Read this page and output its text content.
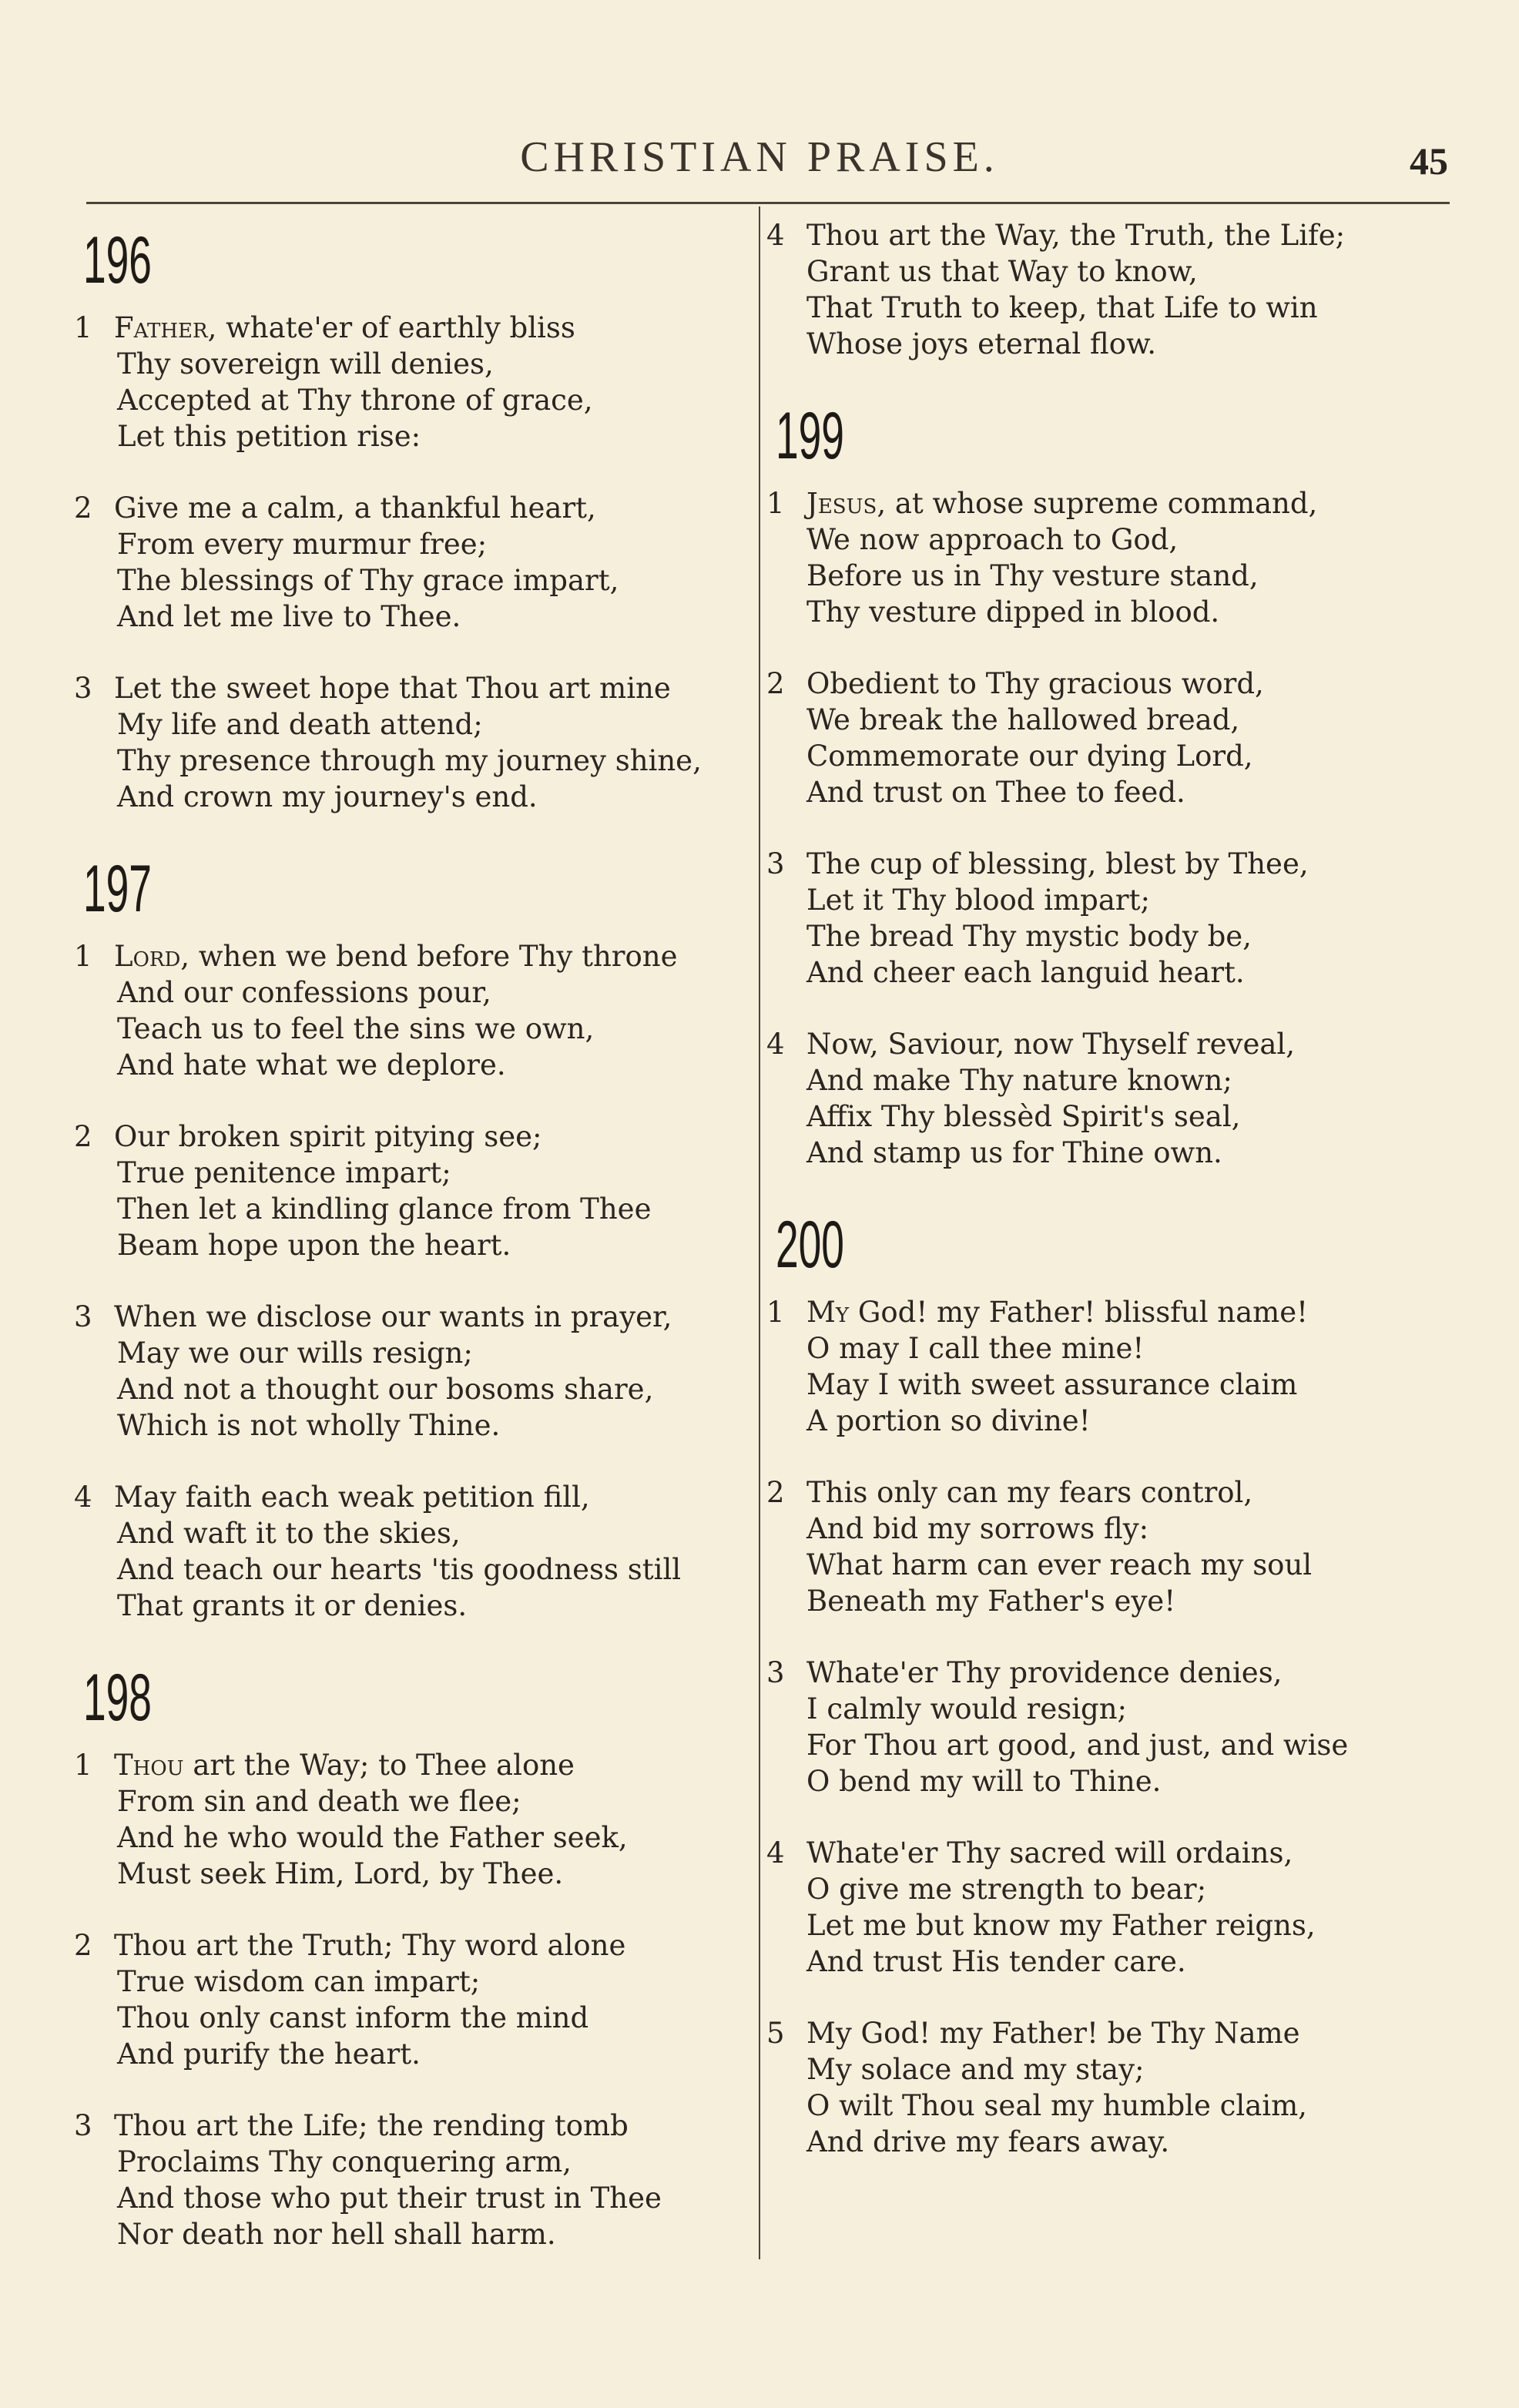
CHRISTIAN PRAISE.	45
196
1 Father, whate'er of earthly bliss
Thy sovereign will denies,
Accepted at Thy throne of grace,
Let this petition rise:
2 Give me a calm, a thankful heart,
From every murmur free;
The blessings of Thy grace impart,
And let me live to Thee.
3 Let the sweet hope that Thou art mine
My life and death attend;
Thy presence through my journey shine,
And crown my journey's end.
197
1 Lord, when we bend before Thy throne
And our confessions pour,
Teach us to feel the sins we own,
And hate what we deplore.
2 Our broken spirit pitying see;
True penitence impart;
Then let a kindling glance from Thee
Beam hope upon the heart.
3 When we disclose our wants in prayer,
May we our wills resign;
And not a thought our bosoms share,
Which is not wholly Thine.
4 May faith each weak petition fill,
And waft it to the skies,
And teach our hearts 'tis goodness still
That grants it or denies.
198
1 Thou art the Way; to Thee alone
From sin and death we flee;
And he who would the Father seek,
Must seek Him, Lord, by Thee.
2 Thou art the Truth; Thy word alone
True wisdom can impart;
Thou only canst inform the mind
And purify the heart.
3 Thou art the Life; the rending tomb
Proclaims Thy conquering arm,
And those who put their trust in Thee
Nor death nor hell shall harm.
4 Thou art the Way, the Truth, the Life;
Grant us that Way to know,
That Truth to keep, that Life to win
Whose joys eternal flow.
199
1 Jesus, at whose supreme command,
We now approach to God,
Before us in Thy vesture stand,
Thy vesture dipped in blood.
2 Obedient to Thy gracious word,
We break the hallowed bread,
Commemorate our dying Lord,
And trust on Thee to feed.
3 The cup of blessing, blest by Thee,
Let it Thy blood impart;
The bread Thy mystic body be,
And cheer each languid heart.
4 Now, Saviour, now Thyself reveal,
And make Thy nature known;
Affix Thy blessèd Spirit's seal,
And stamp us for Thine own.
200
1 My God! my Father! blissful name!
O may I call thee mine!
May I with sweet assurance claim
A portion so divine!
2 This only can my fears control,
And bid my sorrows fly:
What harm can ever reach my soul
Beneath my Father's eye!
3 Whate'er Thy providence denies,
I calmly would resign;
For Thou art good, and just, and wise
O bend my will to Thine.
4 Whate'er Thy sacred will ordains,
O give me strength to bear;
Let me but know my Father reigns,
And trust His tender care.
5 My God! my Father! be Thy Name
My solace and my stay;
O wilt Thou seal my humble claim,
And drive my fears away.
